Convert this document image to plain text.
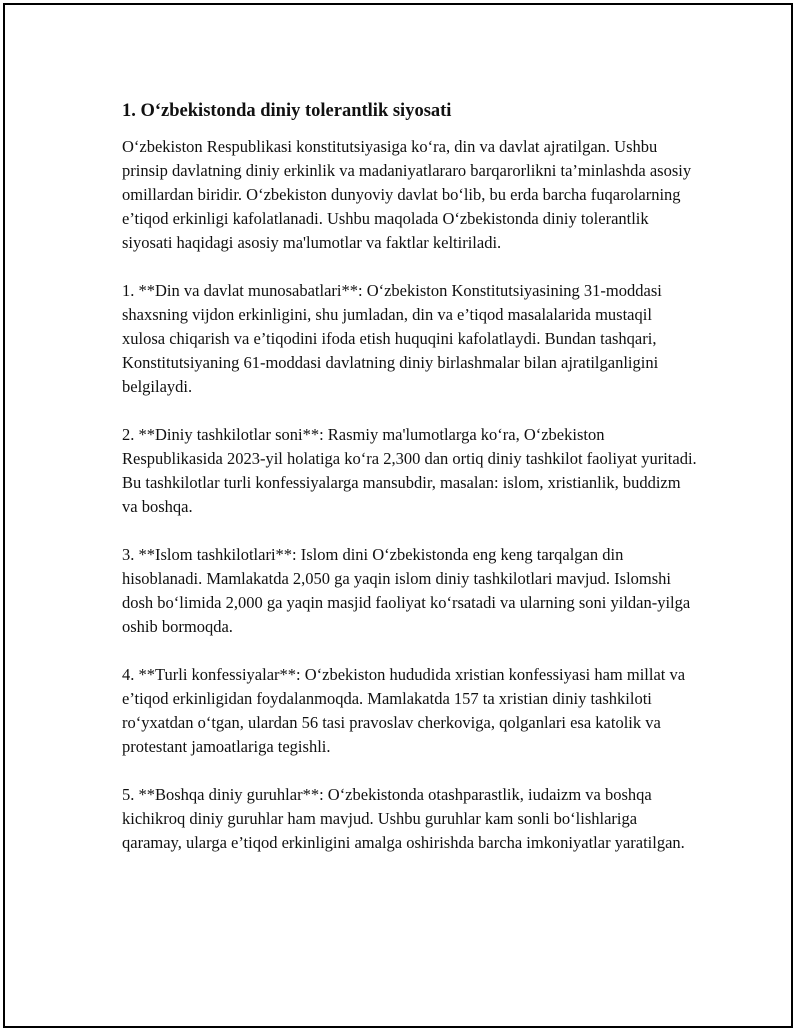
1. O‘zbekistonda diniy tolerantlik siyosati

O‘zbekiston Respublikasi konstitutsiyasiga ko‘ra, din va davlat ajratilgan. Ushbu prinsip davlatning diniy erkinlik va madaniyatlararo barqarorlikni ta’minlashda asosiy omillardan biridir. O‘zbekiston dunyoviy davlat bo‘lib, bu erda barcha fuqarolarning e’tiqod erkinligi kafolatlanadi. Ushbu maqolada O‘zbekistonda diniy tolerantlik siyosati haqidagi asosiy ma'lumotlar va faktlar keltiriladi.

1. **Din va davlat munosabatlari**: O‘zbekiston Konstitutsiyasining 31-moddasi shaxsning vijdon erkinligini, shu jumladan, din va e’tiqod masalalarida mustaqil xulosa chiqarish va e’tiqodini ifoda etish huquqini kafolatlaydi. Bundan tashqari, Konstitutsiyaning 61-moddasi davlatning diniy birlashmalar bilan ajratilganligini belgilaydi.

2. **Diniy tashkilotlar soni**: Rasmiy ma'lumotlarga ko‘ra, O‘zbekiston Respublikasida 2023-yil holatiga ko‘ra 2,300 dan ortiq diniy tashkilot faoliyat yuritadi. Bu tashkilotlar turli konfessiyalarga mansubdir, masalan: islom, xristianlik, buddizm va boshqa.

3. **Islom tashkilotlari**: Islom dini O‘zbekistonda eng keng tarqalgan din hisoblanadi. Mamlakatda 2,050 ga yaqin islom diniy tashkilotlari mavjud. Islomshi dosh bo‘limida 2,000 ga yaqin masjid faoliyat ko‘rsatadi va ularning soni yildan-yilga oshib bormoqda.

4. **Turli konfessiyalar**: O‘zbekiston hududida xristian konfessiyasi ham millat va e’tiqod erkinligidan foydalanmoqda. Mamlakatda 157 ta xristian diniy tashkiloti ro‘yxatdan o‘tgan, ulardan 56 tasi pravoslav cherkoviga, qolganlari esa katolik va protestant jamoatlariga tegishli.

5. **Boshqa diniy guruhlar**: O‘zbekistonda otashparastlik, iudaizm va boshqa kichikroq diniy guruhlar ham mavjud. Ushbu guruhlar kam sonli bo‘lishlariga qaramay, ularga e’tiqod erkinligini amalga oshirishda barcha imkoniyatlar yaratilgan.
